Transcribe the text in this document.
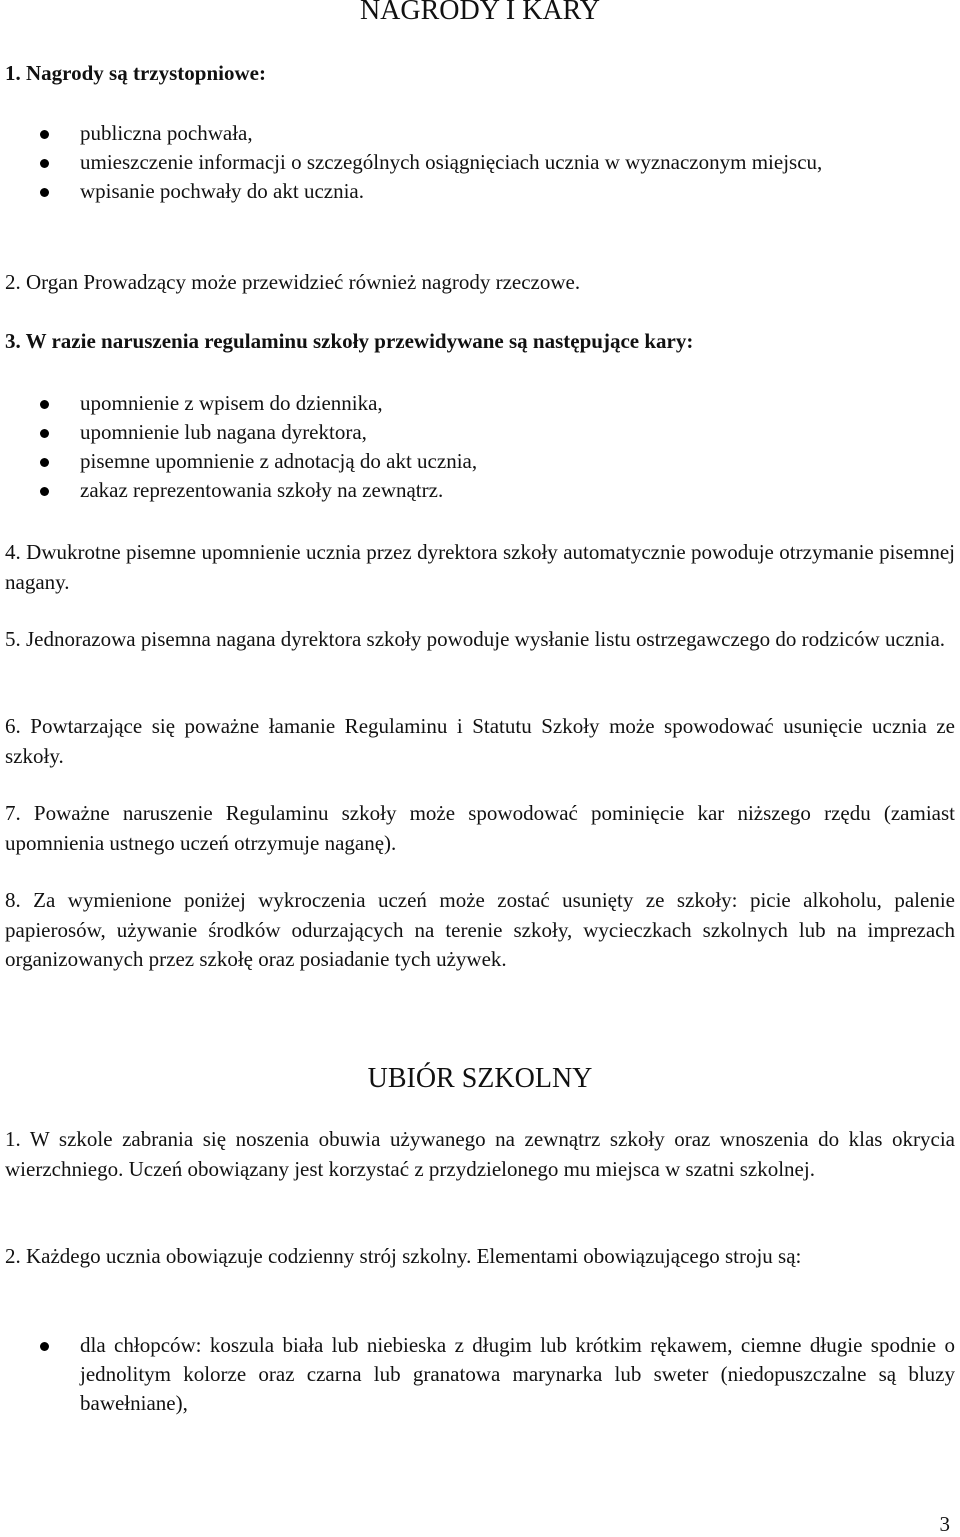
NAGRODY I KARY

1. Nagrody są trzystopniowe:

publiczna pochwała,
umieszczenie informacji o szczególnych osiągnięciach ucznia w wyznaczonym miejscu,
wpisanie pochwały do akt ucznia.

2. Organ Prowadzący może przewidzieć również nagrody rzeczowe.

3. W razie naruszenia regulaminu szkoły przewidywane są następujące kary:

upomnienie z wpisem do dziennika,
upomnienie lub nagana dyrektora,
pisemne upomnienie z adnotacją do akt ucznia,
zakaz reprezentowania szkoły na zewnątrz.

4. Dwukrotne pisemne upomnienie ucznia przez dyrektora szkoły automatycznie powoduje otrzymanie pisemnej nagany.

5. Jednorazowa pisemna nagana dyrektora szkoły powoduje wysłanie listu ostrzegawczego do rodziców ucznia.

6. Powtarzające się poważne łamanie Regulaminu i Statutu Szkoły może spowodować usunięcie ucznia ze szkoły.

7. Poważne naruszenie Regulaminu szkoły może spowodować pominięcie kar niższego rzędu (zamiast upomnienia ustnego uczeń otrzymuje naganę).

8. Za wymienione poniżej wykroczenia uczeń może zostać usunięty ze szkoły: picie alkoholu, palenie papierosów, używanie środków odurzających na terenie szkoły, wycieczkach szkolnych lub na imprezach organizowanych przez szkołę oraz posiadanie tych używek.

UBIÓR SZKOLNY

1. W szkole zabrania się noszenia obuwia używanego na zewnątrz szkoły oraz wnoszenia do klas okrycia wierzchniego. Uczeń obowiązany jest korzystać z przydzielonego mu miejsca w szatni szkolnej.

2. Każdego ucznia obowiązuje codzienny strój szkolny. Elementami obowiązującego stroju są:

dla chłopców: koszula biała lub niebieska z długim lub krótkim rękawem, ciemne długie spodnie o jednolitym kolorze oraz czarna lub granatowa marynarka lub sweter (niedopuszczalne są bluzy bawełniane),
3
